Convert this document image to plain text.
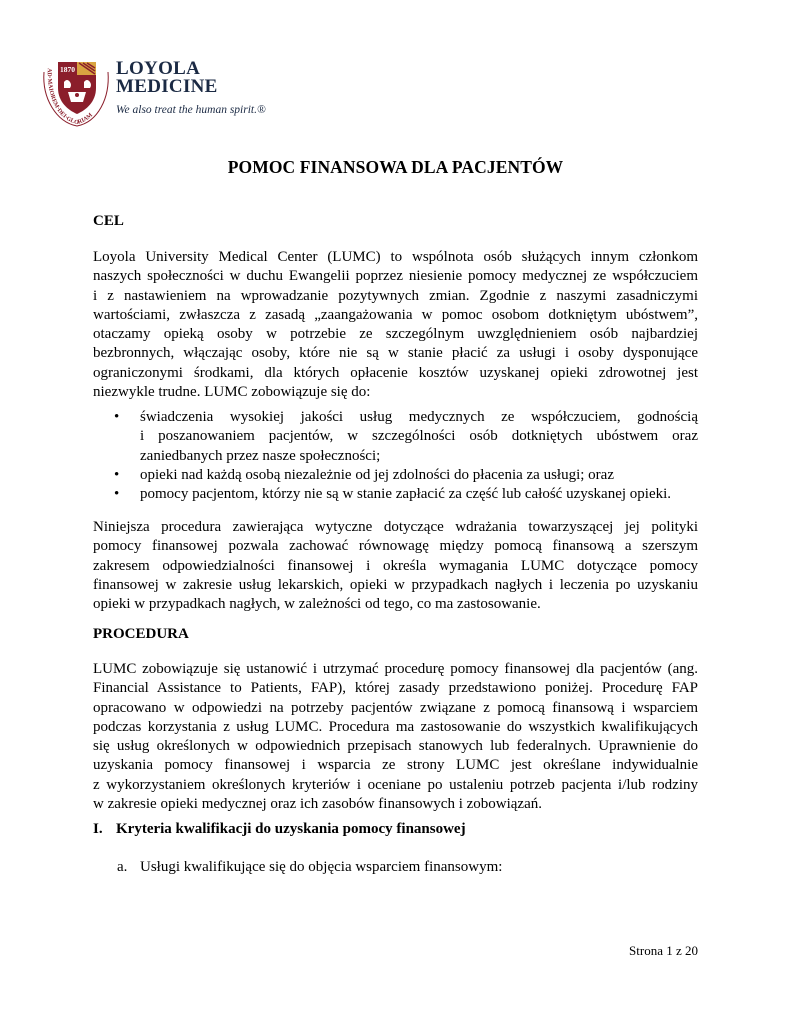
1870
AD·MAIOREM·DEI·GLORIAM
LOYOLA
MEDICINE
We also treat the human spirit.®
POMOC FINANSOWA DLA PACJENTÓW
CEL
Loyola University Medical Center (LUMC) to wspólnota osób służących innym członkom
naszych społeczności w duchu Ewangelii poprzez niesienie pomocy medycznej ze współczuciem
i z nastawieniem na wprowadzanie pozytywnych zmian. Zgodnie z naszymi zasadniczymi
wartościami, zwłaszcza z zasadą „zaangażowania w pomoc osobom dotkniętym ubóstwem”,
otaczamy opieką osoby w potrzebie ze szczególnym uwzględnieniem osób najbardziej
bezbronnych, włączając osoby, które nie są w stanie płacić za usługi i osoby dysponujące
ograniczonymi środkami, dla których opłacenie kosztów uzyskanej opieki zdrowotnej jest
niezwykle trudne. LUMC zobowiązuje się do:
• świadczenia wysokiej jakości usług medycznych ze współczuciem, godnością
i poszanowaniem pacjentów, w szczególności osób dotkniętych ubóstwem oraz
zaniedbanych przez nasze społeczności;
• opieki nad każdą osobą niezależnie od jej zdolności do płacenia za usługi; oraz
• pomocy pacjentom, którzy nie są w stanie zapłacić za część lub całość uzyskanej opieki.
Niniejsza procedura zawierająca wytyczne dotyczące wdrażania towarzyszącej jej polityki
pomocy finansowej pozwala zachować równowagę między pomocą finansową a szerszym
zakresem odpowiedzialności finansowej i określa wymagania LUMC dotyczące pomocy
finansowej w zakresie usług lekarskich, opieki w przypadkach nagłych i leczenia po uzyskaniu
opieki w przypadkach nagłych, w zależności od tego, co ma zastosowanie.
PROCEDURA
LUMC zobowiązuje się ustanowić i utrzymać procedurę pomocy finansowej dla pacjentów (ang.
Financial Assistance to Patients, FAP), której zasady przedstawiono poniżej. Procedurę FAP
opracowano w odpowiedzi na potrzeby pacjentów związane z pomocą finansową i wsparciem
podczas korzystania z usług LUMC. Procedura ma zastosowanie do wszystkich kwalifikujących
się usług określonych w odpowiednich przepisach stanowych lub federalnych. Uprawnienie do
uzyskania pomocy finansowej i wsparcia ze strony LUMC jest określane indywidualnie
z wykorzystaniem określonych kryteriów i oceniane po ustaleniu potrzeb pacjenta i/lub rodziny
w zakresie opieki medycznej oraz ich zasobów finansowych i zobowiązań.
I. Kryteria kwalifikacji do uzyskania pomocy finansowej
a. Usługi kwalifikujące się do objęcia wsparciem finansowym:
Strona 1 z 20
